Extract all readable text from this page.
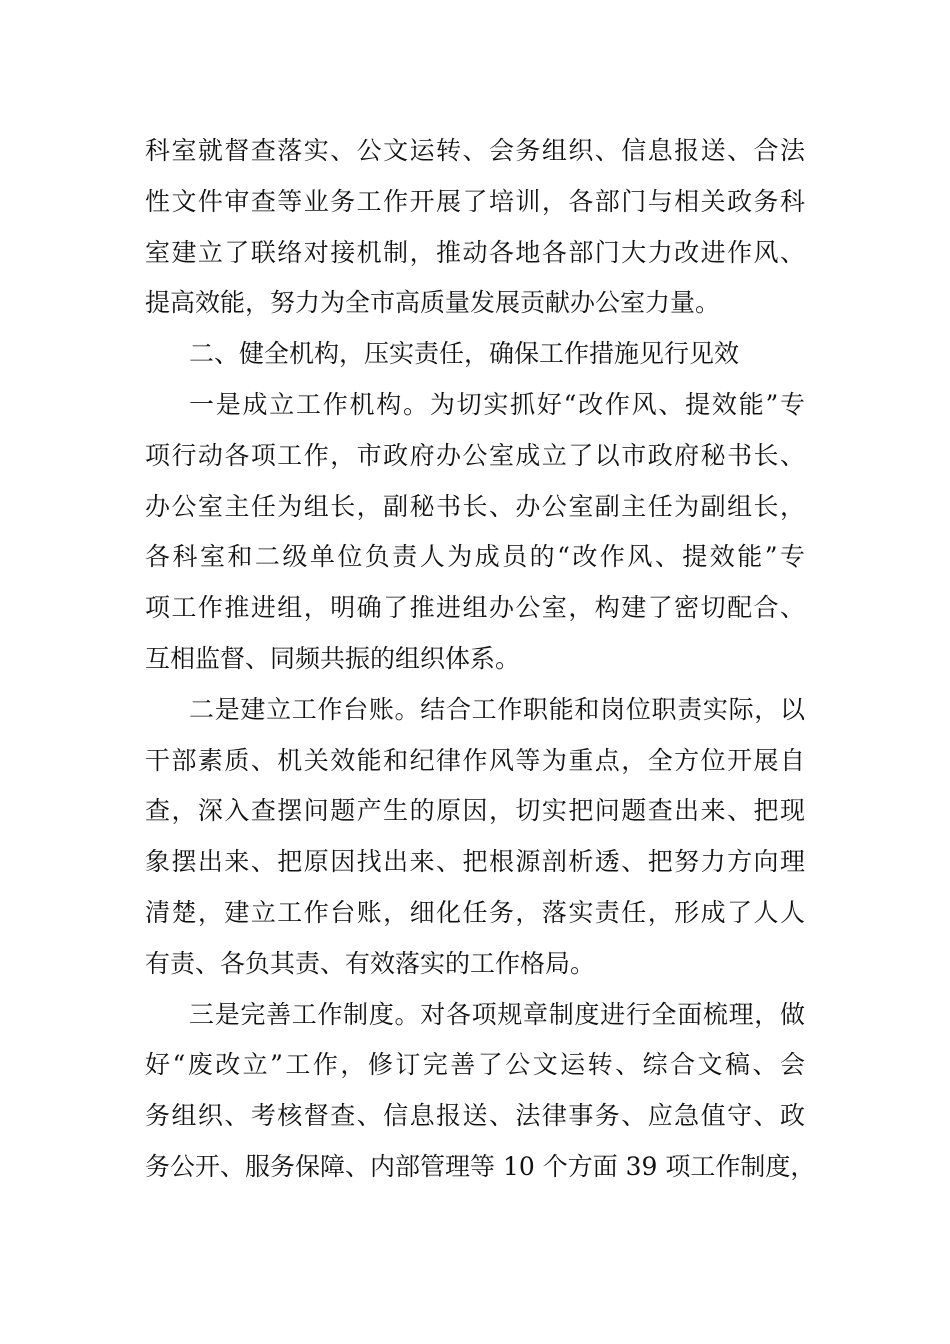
科室就督查落实、公文运转、会务组织、信息报送、合法
性文件审查等业务工作开展了培训，各部门与相关政务科
室建立了联络对接机制，推动各地各部门大力改进作风、
提高效能，努力为全市高质量发展贡献办公室力量。
二、健全机构，压实责任，确保工作措施见行见效
一是成立工作机构。为切实抓好“改作风、提效能”专
项行动各项工作，市政府办公室成立了以市政府秘书长、
办公室主任为组长，副秘书长、办公室副主任为副组长，
各科室和二级单位负责人为成员的“改作风、提效能”专
项工作推进组，明确了推进组办公室，构建了密切配合、
互相监督、同频共振的组织体系。
二是建立工作台账。结合工作职能和岗位职责实际，以
干部素质、机关效能和纪律作风等为重点，全方位开展自
查，深入查摆问题产生的原因，切实把问题查出来、把现
象摆出来、把原因找出来、把根源剖析透、把努力方向理
清楚，建立工作台账，细化任务，落实责任，形成了人人
有责、各负其责、有效落实的工作格局。
三是完善工作制度。对各项规章制度进行全面梳理，做
好“废改立”工作，修订完善了公文运转、综合文稿、会
务组织、考核督查、信息报送、法律事务、应急值守、政
务公开、服务保障、内部管理等 10 个方面 39 项工作制度，
